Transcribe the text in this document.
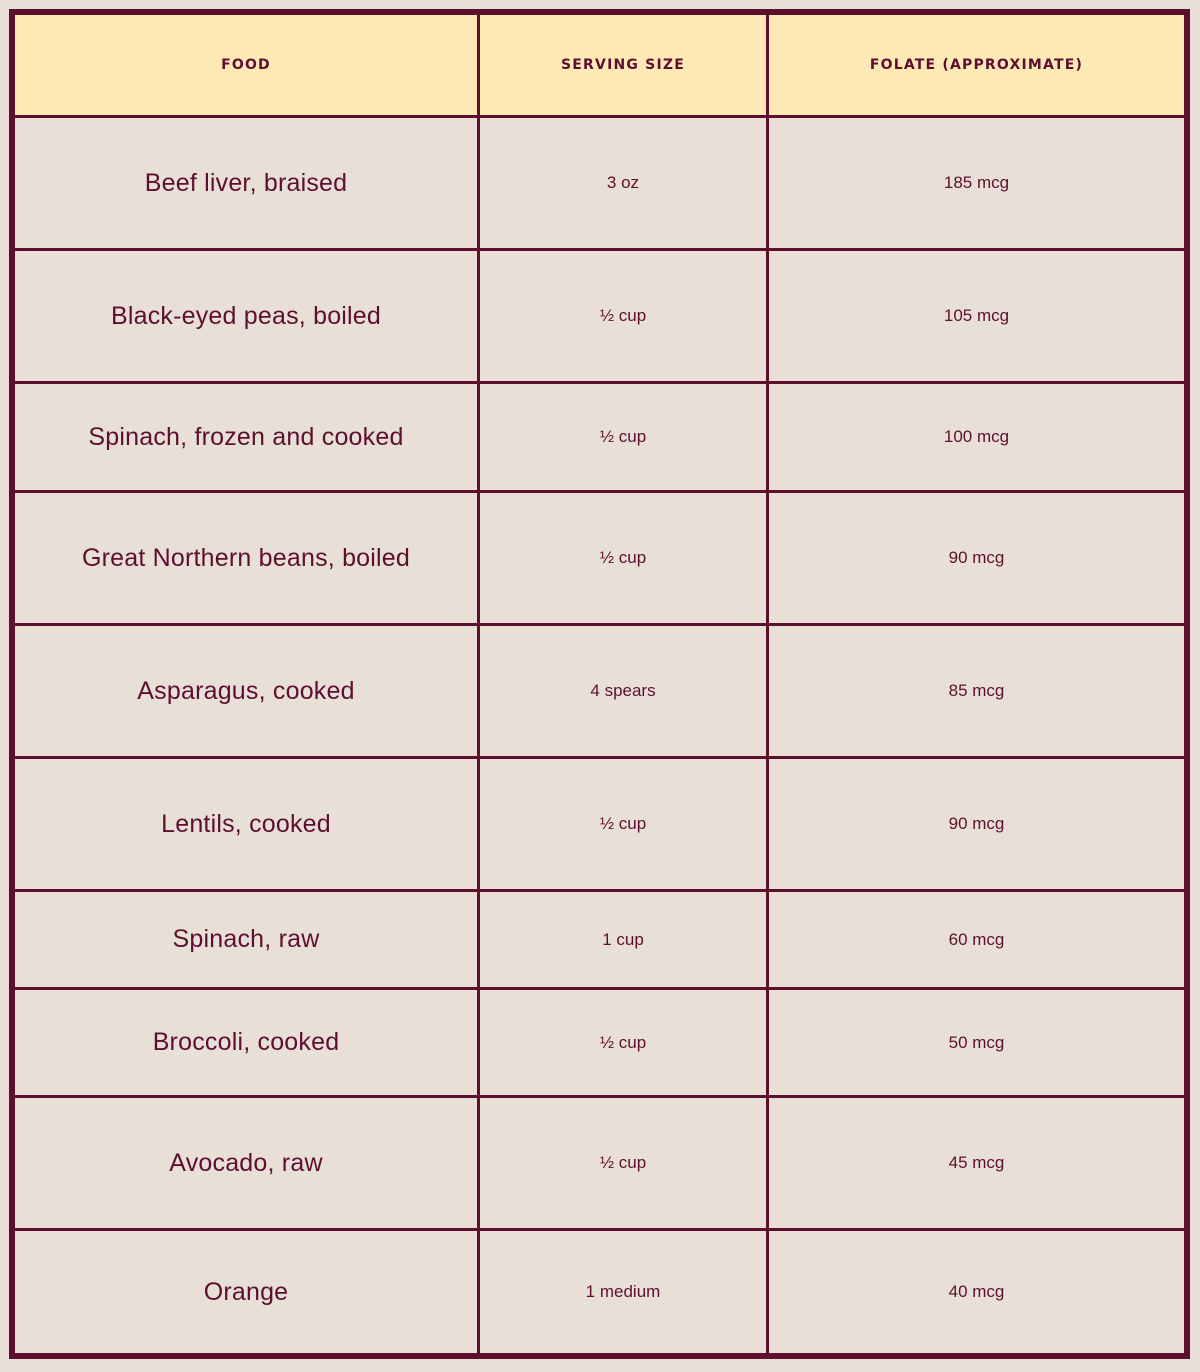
FOOD	SERVING SIZE	FOLATE (APPROXIMATE)
Beef liver, braised	3 oz	185 mcg
Black-eyed peas, boiled	½ cup	105 mcg
Spinach, frozen and cooked	½ cup	100 mcg
Great Northern beans, boiled	½ cup	90 mcg
Asparagus, cooked	4 spears	85 mcg
Lentils, cooked	½ cup	90 mcg
Spinach, raw	1 cup	60 mcg
Broccoli, cooked	½ cup	50 mcg
Avocado, raw	½ cup	45 mcg
Orange	1 medium	40 mcg
